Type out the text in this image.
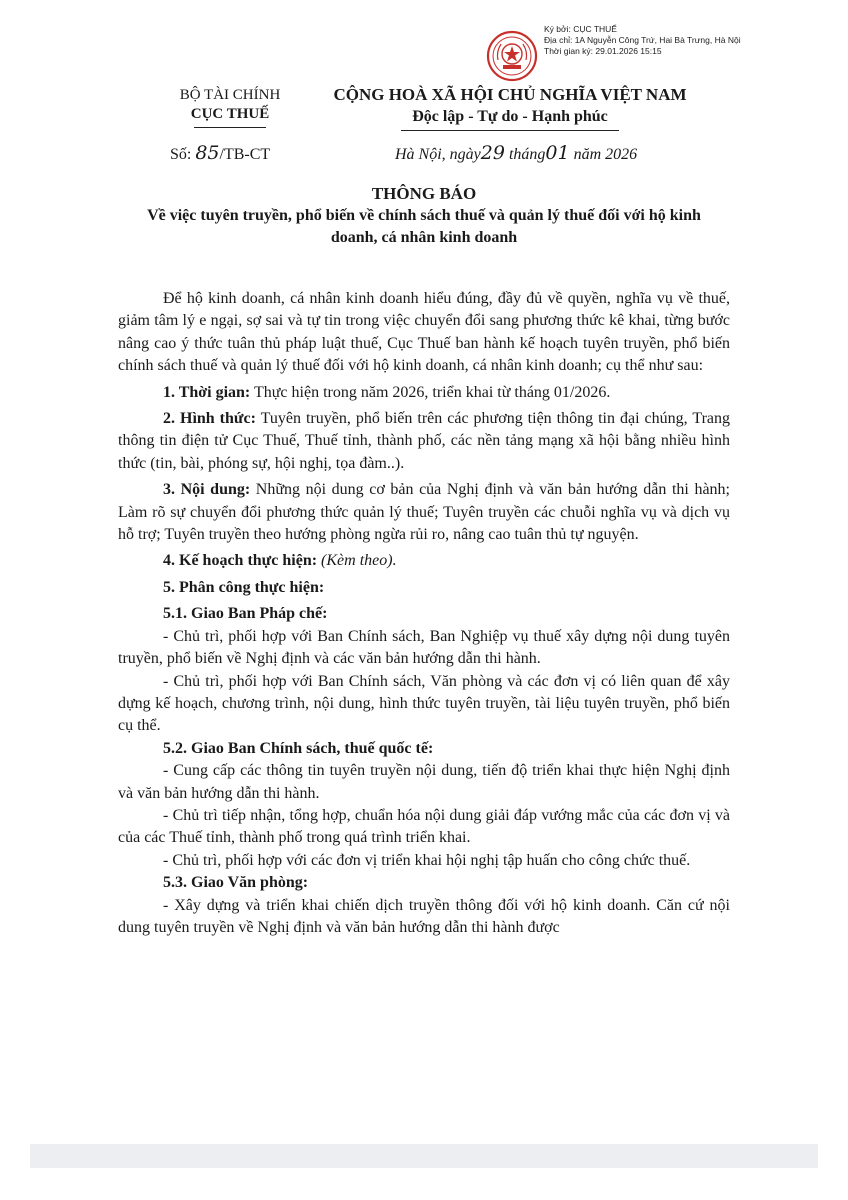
Ký bởi: CỤC THUẾ
Địa chỉ: 1A Nguyễn Công Trứ, Hai Bà Trưng, Hà Nội
Thời gian ký: 29.01.2026 15:15
BỘ TÀI CHÍNH
CỤC THUẾ
CỘNG HOÀ XÃ HỘI CHỦ NGHĨA VIỆT NAM
Độc lập - Tự do - Hạnh phúc
Số: 85/TB-CT	Hà Nội, ngày29 tháng01 năm 2026
THÔNG BÁO
Về việc tuyên truyền, phổ biến về chính sách thuế và quản lý thuế đối với hộ kinh doanh, cá nhân kinh doanh

Để hộ kinh doanh, cá nhân kinh doanh hiểu đúng, đầy đủ về quyền, nghĩa vụ về thuế, giảm tâm lý e ngại, sợ sai và tự tin trong việc chuyển đổi sang phương thức kê khai, từng bước nâng cao ý thức tuân thủ pháp luật thuế, Cục Thuế ban hành kế hoạch tuyên truyền, phổ biến chính sách thuế và quản lý thuế đối với hộ kinh doanh, cá nhân kinh doanh; cụ thể như sau:

1. Thời gian: Thực hiện trong năm 2026, triển khai từ tháng 01/2026.

2. Hình thức: Tuyên truyền, phổ biến trên các phương tiện thông tin đại chúng, Trang thông tin điện tử Cục Thuế, Thuế tỉnh, thành phố, các nền tảng mạng xã hội bằng nhiều hình thức (tin, bài, phóng sự, hội nghị, tọa đàm..).

3. Nội dung: Những nội dung cơ bản của Nghị định và văn bản hướng dẫn thi hành; Làm rõ sự chuyển đổi phương thức quản lý thuế; Tuyên truyền các chuỗi nghĩa vụ và dịch vụ hỗ trợ; Tuyên truyền theo hướng phòng ngừa rủi ro, nâng cao tuân thủ tự nguyện.

4. Kế hoạch thực hiện: (Kèm theo).

5. Phân công thực hiện:

5.1. Giao Ban Pháp chế:

- Chủ trì, phối hợp với Ban Chính sách, Ban Nghiệp vụ thuế xây dựng nội dung tuyên truyền, phổ biến về Nghị định và các văn bản hướng dẫn thi hành.

- Chủ trì, phối hợp với Ban Chính sách, Văn phòng và các đơn vị có liên quan để xây dựng kế hoạch, chương trình, nội dung, hình thức tuyên truyền, tài liệu tuyên truyền, phổ biến cụ thể.

5.2. Giao Ban Chính sách, thuế quốc tế:

- Cung cấp các thông tin tuyên truyền nội dung, tiến độ triển khai thực hiện Nghị định và văn bản hướng dẫn thi hành.

- Chủ trì tiếp nhận, tổng hợp, chuẩn hóa nội dung giải đáp vướng mắc của các đơn vị và của các Thuế tỉnh, thành phố trong quá trình triển khai.

- Chủ trì, phối hợp với các đơn vị triển khai hội nghị tập huấn cho công chức thuế.

5.3. Giao Văn phòng:

- Xây dựng và triển khai chiến dịch truyền thông đối với hộ kinh doanh. Căn cứ nội dung tuyên truyền về Nghị định và văn bản hướng dẫn thi hành được
